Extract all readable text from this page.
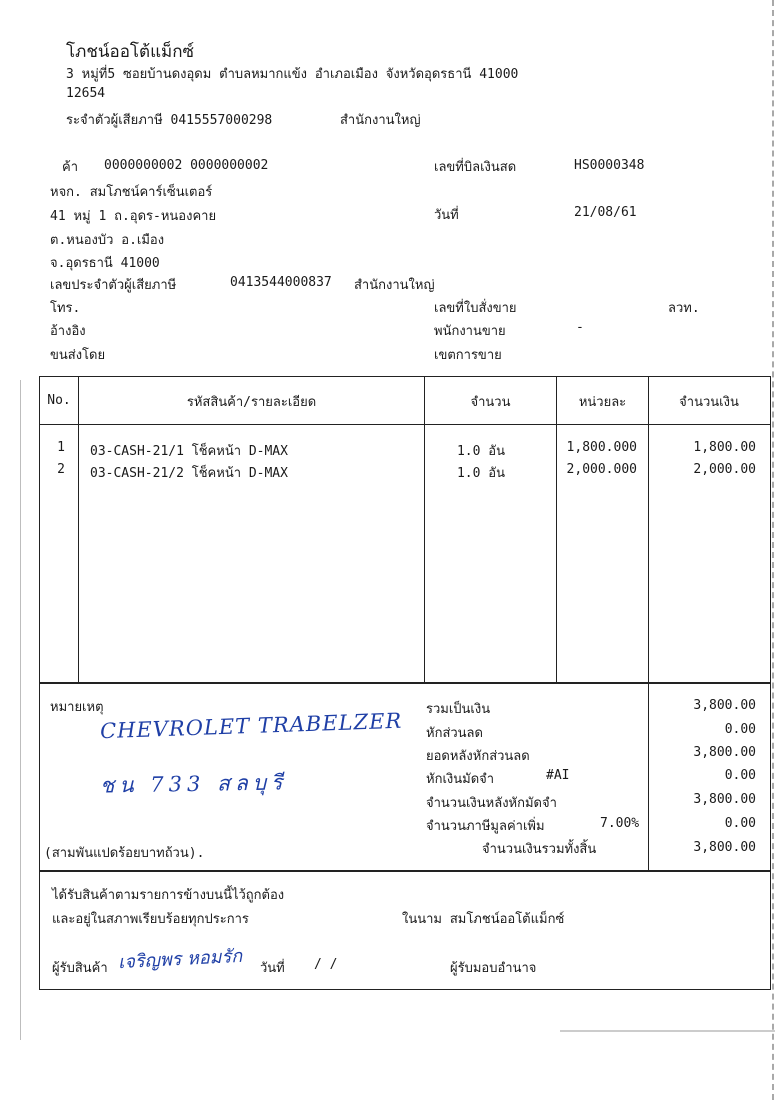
โภชน์ออโต้แม็กซ์
3 หมู่ที่5 ซอยบ้านดงอุดม ตำบลหมากแข้ง อำเภอเมือง จังหวัดอุดรธานี 41000
12654
ระจำตัวผู้เสียภาษี 0415557000298	สำนักงานใหญ่
ค้า 0000000002 0000000002
หจก. สมโภชน์คาร์เซ็นเตอร์
41 หมู่ 1 ถ.อุดร-หนองคาย
ต.หนองบัว อ.เมือง
จ.อุดรธานี 41000
เลขประจำตัวผู้เสียภาษี	0413544000837 สำนักงานใหญ่
โทร.
อ้างอิง
ขนส่งโดย
เลขที่บิลเงินสด	HS0000348
วันที่	21/08/61
เลขที่ใบสั่งขาย	ลวท.
พนักงานขาย	-
เขตการขาย
No.	รหัสสินค้า/รายละเอียด	จำนวน	หน่วยละ	จำนวนเงิน
1 03-CASH-21/1 โช็คหน้า D-MAX	1.0 อัน	1,800.000	1,800.00
2 03-CASH-21/2 โช็คหน้า D-MAX	1.0 อัน	2,000.000	2,000.00
หมายเหตุ
(สามพันแปดร้อยบาทถ้วน).
รวมเป็นเงิน	3,800.00
หักส่วนลด	0.00
ยอดหลังหักส่วนลด	3,800.00
หักเงินมัดจำ	#AI	0.00
จำนวนเงินหลังหักมัดจำ	3,800.00
จำนวนภาษีมูลค่าเพิ่ม	7.00%	0.00
จำนวนเงินรวมทั้งสิ้น	3,800.00
CHEVROLET TRABELZER
ชน 733 สลบุรี
ได้รับสินค้าตามรายการข้างบนนี้ไว้ถูกต้อง
และอยู่ในสภาพเรียบร้อยทุกประการ	ในนาม สมโภชน์ออโต้แม็กซ์
ผู้รับสินค้า เจริญพร หอมรัก วันที่ / /	ผู้รับมอบอำนาจ
